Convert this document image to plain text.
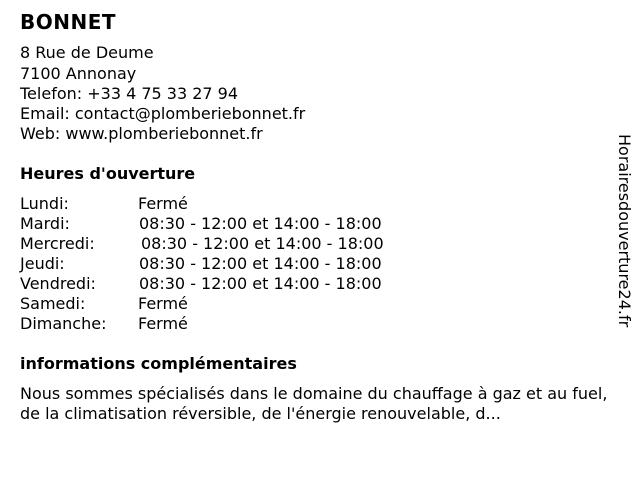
BONNET
8 Rue de Deume
7100 Annonay
Telefon: +33 4 75 33 27 94
Email: contact@plomberiebonnet.fr
Web: www.plomberiebonnet.fr
Heures d'ouverture
Lundi:	Fermé
Mardi:	08:30 - 12:00 et 14:00 - 18:00
Mercredi:	08:30 - 12:00 et 14:00 - 18:00
Jeudi:	08:30 - 12:00 et 14:00 - 18:00
Vendredi:	08:30 - 12:00 et 14:00 - 18:00
Samedi:	Fermé
Dimanche: Fermé
informations complémentaires
Nous sommes spécialisés dans le domaine du chauffage à gaz et au fuel, de la climatisation réversible, de l'énergie renouvelable, d...
Horairesdouverture24.fr
